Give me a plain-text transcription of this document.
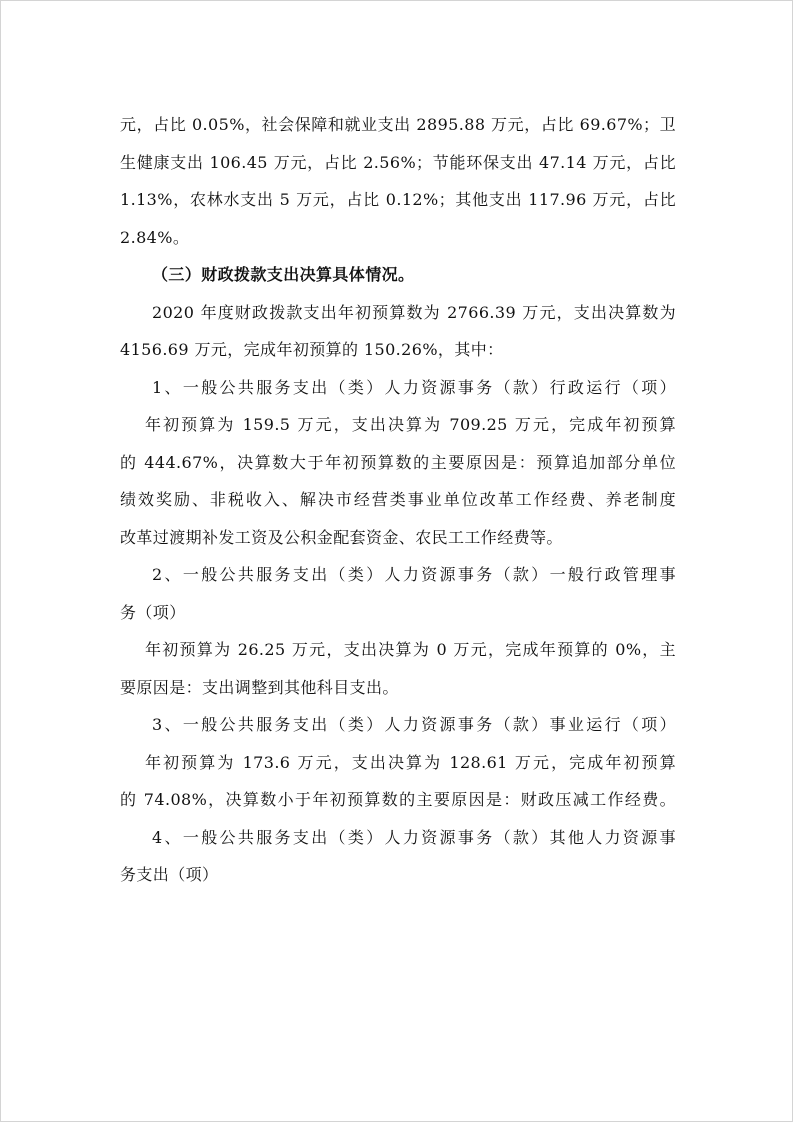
元，占比 0.05%，社会保障和就业支出 2895.88 万元，占比 69.67%；卫
生健康支出 106.45 万元，占比 2.56%；节能环保支出 47.14 万元，占比
1.13%，农林水支出 5 万元，占比 0.12%；其他支出 117.96 万元，占比
2.84%。
（三）财政拨款支出决算具体情况。
2020 年度财政拨款支出年初预算数为 2766.39 万元，支出决算数为
4156.69 万元，完成年初预算的 150.26%，其中：
1、一般公共服务支出（类）人力资源事务（款）行政运行（项）
年初预算为 159.5 万元，支出决算为 709.25 万元，完成年初预算
的 444.67%，决算数大于年初预算数的主要原因是：预算追加部分单位
绩效奖励、非税收入、解决市经营类事业单位改革工作经费、养老制度
改革过渡期补发工资及公积金配套资金、农民工工作经费等。
2、一般公共服务支出（类）人力资源事务（款）一般行政管理事
务（项）
年初预算为 26.25 万元，支出决算为 0 万元，完成年预算的 0%，主
要原因是：支出调整到其他科目支出。
3、一般公共服务支出（类）人力资源事务（款）事业运行（项）
年初预算为 173.6 万元，支出决算为 128.61 万元，完成年初预算
的 74.08%，决算数小于年初预算数的主要原因是：财政压减工作经费。
4、一般公共服务支出（类）人力资源事务（款）其他人力资源事
务支出（项）
